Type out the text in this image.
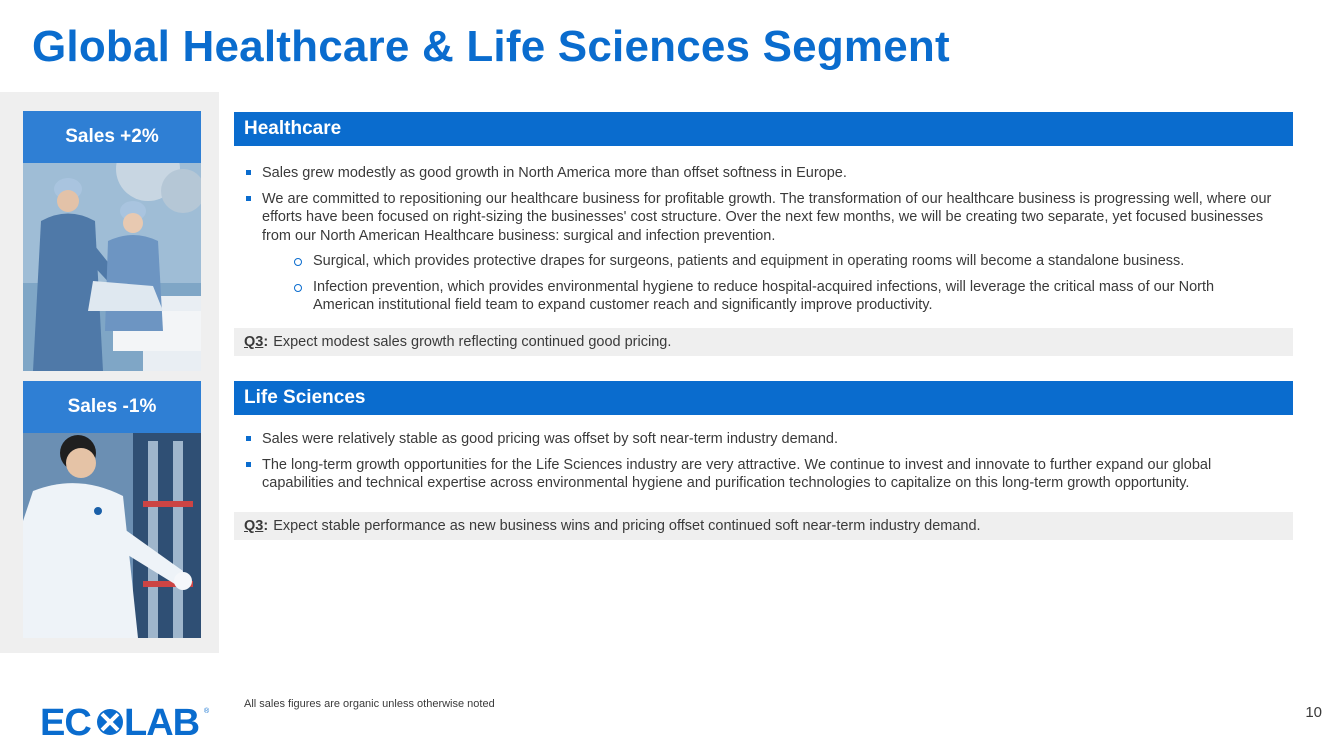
Global Healthcare & Life Sciences Segment
Sales +2%
Sales -1%
Healthcare
Sales grew modestly as good growth in North America more than offset softness in Europe.
We are committed to repositioning our healthcare business for profitable growth. The transformation of our healthcare business is progressing well, where our efforts have been focused on right-sizing the businesses' cost structure. Over the next few months, we will be creating two separate, yet focused businesses from our North American Healthcare business: surgical and infection prevention.
Surgical, which provides protective drapes for surgeons, patients and equipment in operating rooms will become a standalone business.
Infection prevention, which provides environmental hygiene to reduce hospital-acquired infections, will leverage the critical mass of our North American institutional field team to expand customer reach and significantly improve productivity.
Q3 : Expect modest sales growth reflecting continued good pricing.
Life Sciences
Sales were relatively stable as good pricing was offset by soft near-term industry demand.
The long-term growth opportunities for the Life Sciences industry are very attractive. We continue to invest and innovate to further expand our global capabilities and technical expertise across environmental hygiene and purification technologies to capitalize on this long-term growth opportunity.
Q3 : Expect stable performance as new business wins and pricing offset continued soft near-term industry demand.
EC LAB ®
All sales figures are organic unless otherwise noted	10
